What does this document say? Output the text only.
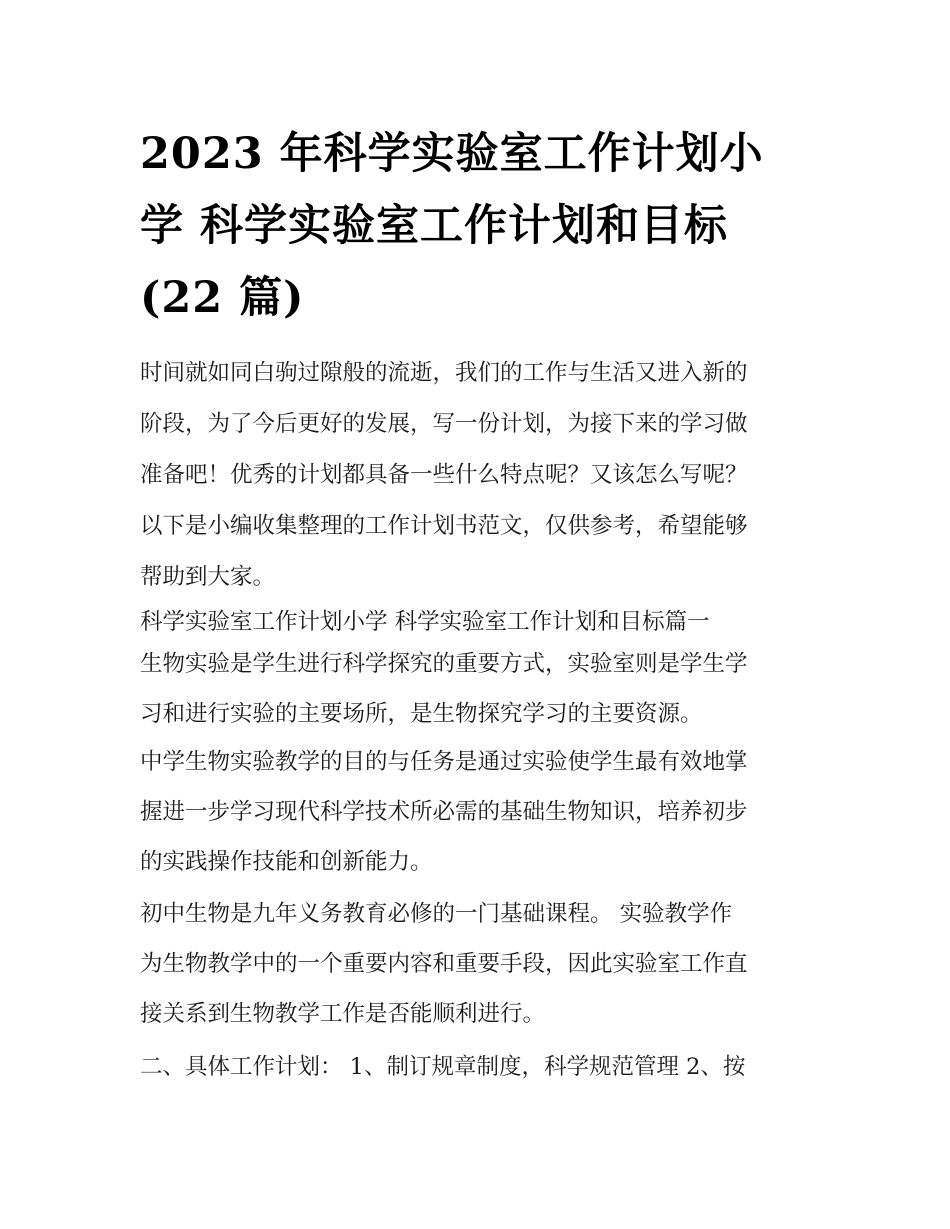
2023 年科学实验室工作计划小
学 科学实验室工作计划和目标
(22 篇)

时间就如同白驹过隙般的流逝，我们的工作与生活又进入新的
阶段，为了今后更好的发展，写一份计划，为接下来的学习做
准备吧！优秀的计划都具备一些什么特点呢？又该怎么写呢？
以下是小编收集整理的工作计划书范文，仅供参考，希望能够
帮助到大家。

科学实验室工作计划小学 科学实验室工作计划和目标篇一

生物实验是学生进行科学探究的重要方式，实验室则是学生学
习和进行实验的主要场所，是生物探究学习的主要资源。

中学生物实验教学的目的与任务是通过实验使学生最有效地掌
握进一步学习现代科学技术所必需的基础生物知识，培养初步
的实践操作技能和创新能力。

初中生物是九年义务教育必修的一门基础课程。 实验教学作
为生物教学中的一个重要内容和重要手段，因此实验室工作直
接关系到生物教学工作是否能顺利进行。

二、具体工作计划： 1、制订规章制度，科学规范管理 2、按
